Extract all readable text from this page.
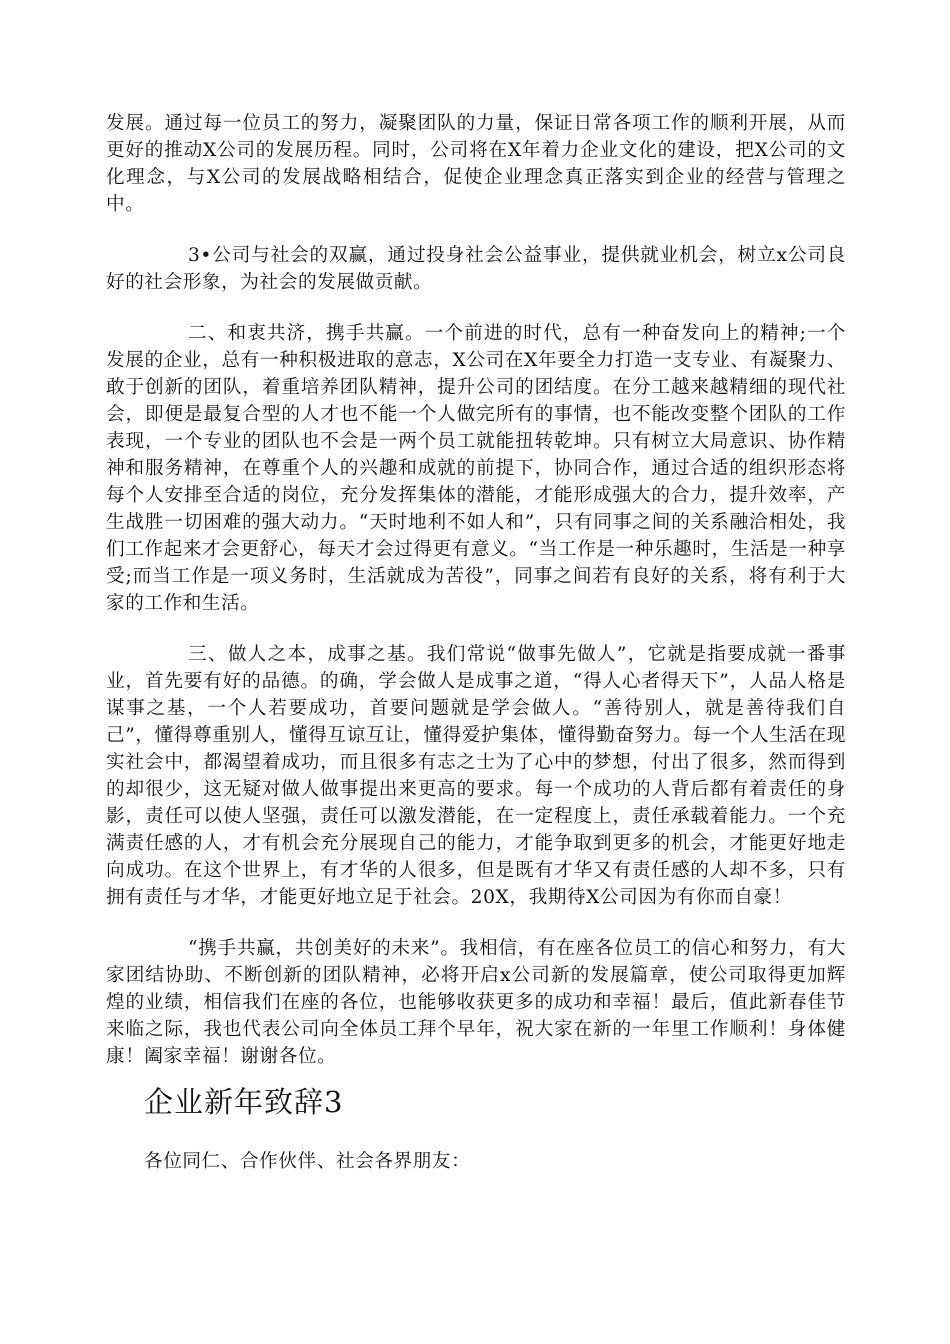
发展。通过每一位员工的努力，凝聚团队的力量，保证日常各项工作的顺利开展，从而更好的推动X公司的发展历程。同时，公司将在X年着力企业文化的建设，把X公司的文化理念，与X公司的发展战略相结合，促使企业理念真正落实到企业的经营与管理之中。

3•公司与社会的双赢，通过投身社会公益事业，提供就业机会，树立x公司良好的社会形象，为社会的发展做贡献。

二、和衷共济，携手共赢。一个前进的时代，总有一种奋发向上的精神;一个发展的企业，总有一种积极进取的意志，X公司在X年要全力打造一支专业、有凝聚力、敢于创新的团队，着重培养团队精神，提升公司的团结度。在分工越来越精细的现代社会，即便是最复合型的人才也不能一个人做完所有的事情，也不能改变整个团队的工作表现，一个专业的团队也不会是一两个员工就能扭转乾坤。只有树立大局意识、协作精神和服务精神，在尊重个人的兴趣和成就的前提下，协同合作，通过合适的组织形态将每个人安排至合适的岗位，充分发挥集体的潜能，才能形成强大的合力，提升效率，产生战胜一切困难的强大动力。“天时地利不如人和”，只有同事之间的关系融洽相处，我们工作起来才会更舒心，每天才会过得更有意义。“当工作是一种乐趣时，生活是一种享受;而当工作是一项义务时，生活就成为苦役”，同事之间若有良好的关系，将有利于大家的工作和生活。

三、做人之本，成事之基。我们常说“做事先做人”，它就是指要成就一番事业，首先要有好的品德。的确，学会做人是成事之道，“得人心者得天下”，人品人格是谋事之基，一个人若要成功，首要问题就是学会做人。“善待别人，就是善待我们自己”，懂得尊重别人，懂得互谅互让，懂得爱护集体，懂得勤奋努力。每一个人生活在现实社会中，都渴望着成功，而且很多有志之士为了心中的梦想，付出了很多，然而得到的却很少，这无疑对做人做事提出来更高的要求。每一个成功的人背后都有着责任的身影，责任可以使人坚强，责任可以激发潜能，在一定程度上，责任承载着能力。一个充满责任感的人，才有机会充分展现自己的能力，才能争取到更多的机会，才能更好地走向成功。在这个世界上，有才华的人很多，但是既有才华又有责任感的人却不多，只有拥有责任与才华，才能更好地立足于社会。20X，我期待X公司因为有你而自豪！

“携手共赢，共创美好的未来”。我相信，有在座各位员工的信心和努力，有大家团结协助、不断创新的团队精神，必将开启x公司新的发展篇章，使公司取得更加辉煌的业绩，相信我们在座的各位，也能够收获更多的成功和幸福！最后，值此新春佳节来临之际，我也代表公司向全体员工拜个早年，祝大家在新的一年里工作顺利！身体健康！阖家幸福！谢谢各位。

企业新年致辞3

各位同仁、合作伙伴、社会各界朋友：
